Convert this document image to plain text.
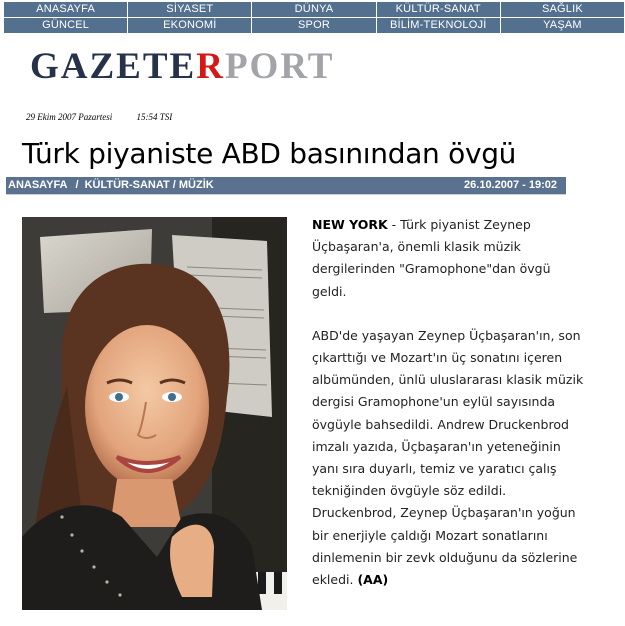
ANASAYFA	SİYASET	DÜNYA	KÜLTÜR-SANAT	SAĞLIK
GÜNCEL	EKONOMİ	SPOR	BİLİM-TEKNOLOJİ	YAŞAM
GAZETERPORT
29 Ekim 2007 Pazartesi	15:54 TSI
Türk piyaniste ABD basınından övgü
ANASAYFA / KÜLTÜR-SANAT / MÜZİK	26.10.2007 - 19:02

NEW YORK - Türk piyanist Zeynep Üçbaşaran'a, önemli klasik müzik dergilerinden "Gramophone"dan övgü geldi.

ABD'de yaşayan Zeynep Üçbaşaran'ın, son çıkarttığı ve Mozart'ın üç sonatını içeren albümünden, ünlü uluslararası klasik müzik dergisi Gramophone'un eylül sayısında övgüyle bahsedildi. Andrew Druckenbrod imzalı yazıda, Üçbaşaran'ın yeteneğinin yanı sıra duyarlı, temiz ve yaratıcı çalış tekniğinden övgüyle söz edildi.

Druckenbrod, Zeynep Üçbaşaran'ın yoğun bir enerjiyle çaldığı Mozart sonatlarını dinlemenin bir zevk olduğunu da sözlerine ekledi. (AA)
